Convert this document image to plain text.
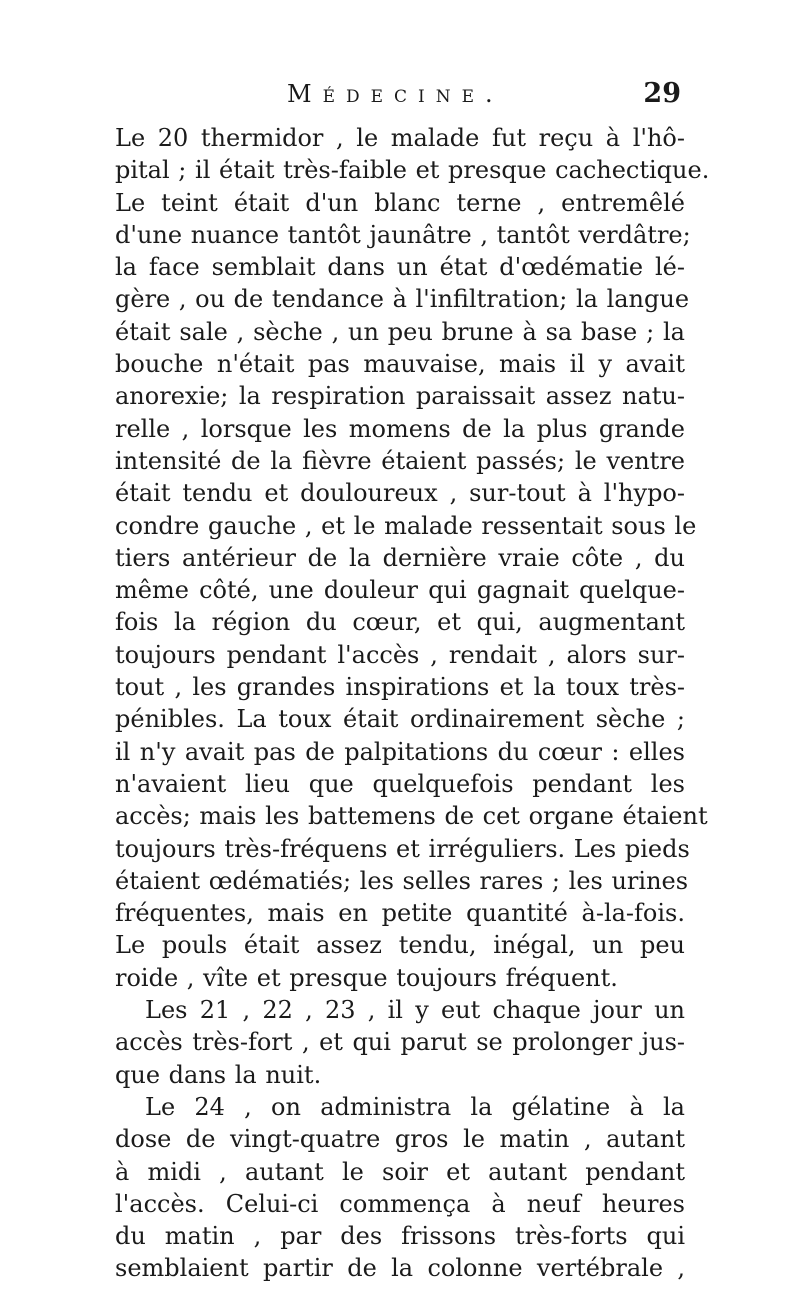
Médecine.	29
Le 20 thermidor , le malade fut reçu à l'hô-
pital ; il était très-faible et presque cachectique.
Le teint était d'un blanc terne , entremêlé
d'une nuance tantôt jaunâtre , tantôt verdâtre;
la face semblait dans un état d'œdématie lé-
gère , ou de tendance à l'infiltration; la langue
était sale , sèche , un peu brune à sa base ; la
bouche n'était pas mauvaise, mais il y avait
anorexie; la respiration paraissait assez natu-
relle , lorsque les momens de la plus grande
intensité de la fièvre étaient passés; le ventre
était tendu et douloureux , sur-tout à l'hypo-
condre gauche , et le malade ressentait sous le
tiers antérieur de la dernière vraie côte , du
même côté, une douleur qui gagnait quelque-
fois la région du cœur, et qui, augmentant
toujours pendant l'accès , rendait , alors sur-
tout , les grandes inspirations et la toux très-
pénibles. La toux était ordinairement sèche ;
il n'y avait pas de palpitations du cœur : elles
n'avaient lieu que quelquefois pendant les
accès; mais les battemens de cet organe étaient
toujours très-fréquens et irréguliers. Les pieds
étaient œdématiés; les selles rares ; les urines
fréquentes, mais en petite quantité à-la-fois.
Le pouls était assez tendu, inégal, un peu
roide , vîte et presque toujours fréquent.
Les 21 , 22 , 23 , il y eut chaque jour un
accès très-fort , et qui parut se prolonger jus-
que dans la nuit.
Le 24 , on administra la gélatine à la
dose de vingt-quatre gros le matin , autant
à midi , autant le soir et autant pendant
l'accès. Celui-ci commença à neuf heures
du matin , par des frissons très-forts qui
semblaient partir de la colonne vertébrale ,
